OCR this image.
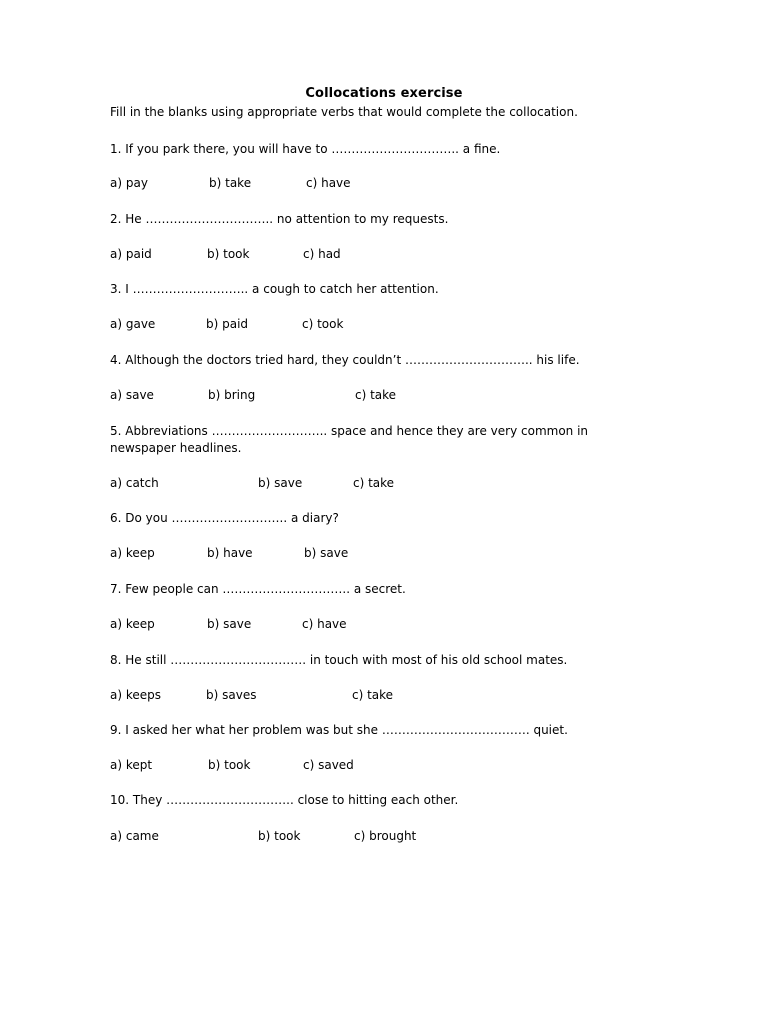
Collocations exercise
Fill in the blanks using appropriate verbs that would complete the collocation.
1. If you park there, you will have to ………………………….. a fine.
a) pay	b) take	c) have
2. He ………………………….. no attention to my requests.
a) paid	b) took	c) had
3. I ……………………….. a cough to catch her attention.
a) gave	b) paid	c) took
4. Although the doctors tried hard, they couldn’t ………………………….. his life.
a) save	b) bring	c) take
5. Abbreviations ……………………….. space and hence they are very common in newspaper headlines.
a) catch	b) save	c) take
6. Do you ……………………….. a diary?
a) keep	b) have	b) save
7. Few people can ………………………….. a secret.
a) keep	b) save	c) have
8. He still ……………………………. in touch with most of his old school mates.
a) keeps	b) saves	c) take
9. I asked her what her problem was but she ………………………………. quiet.
a) kept	b) took	c) saved
10. They ………………………….. close to hitting each other.
a) came	b) took	c) brought
